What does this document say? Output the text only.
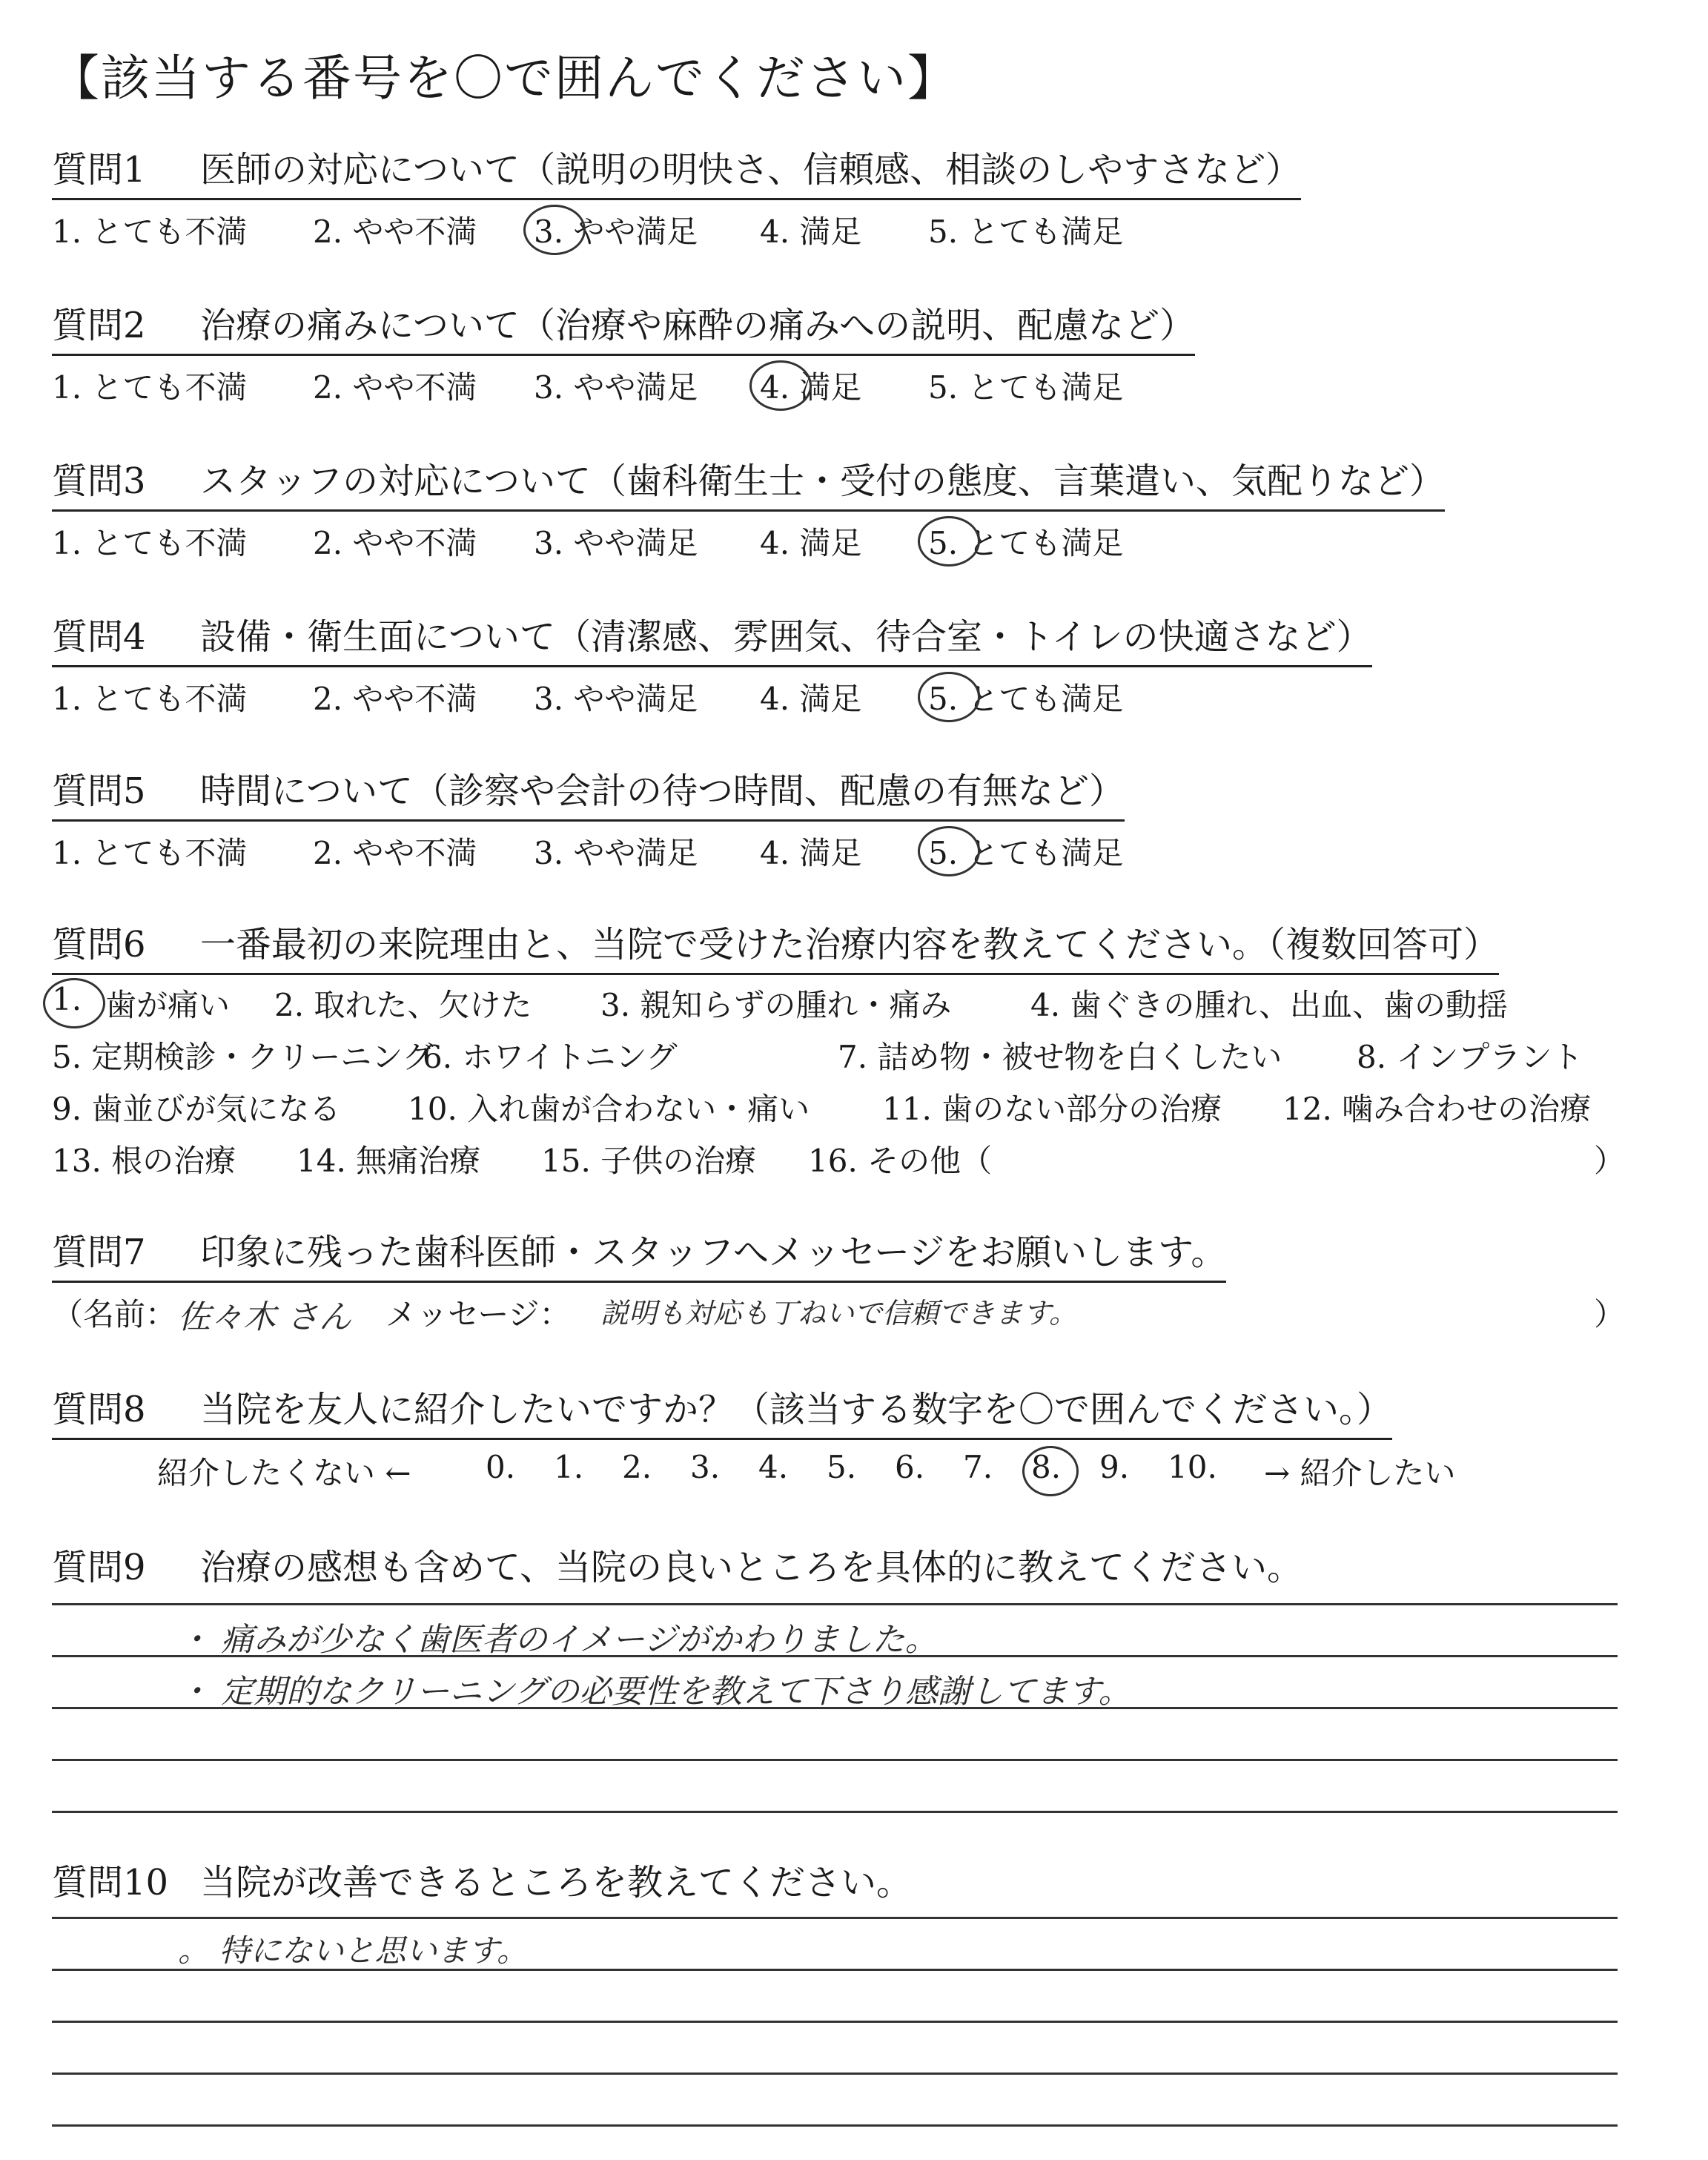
【該当する番号を〇で囲んでください】
質問1 医師の対応について（説明の明快さ、信頼感、相談のしやすさなど）
1. とても不満 2. やや不満 3. やや満足 4. 満足 5. とても満足
質問2 治療の痛みについて（治療や麻酔の痛みへの説明、配慮など）
1. とても不満 2. やや不満 3. やや満足 4. 満足 5. とても満足
質問3 スタッフの対応について（歯科衛生士・受付の態度、言葉遣い、気配りなど）
1. とても不満 2. やや不満 3. やや満足 4. 満足 5. とても満足
質問4 設備・衛生面について（清潔感、雰囲気、待合室・トイレの快適さなど）
1. とても不満 2. やや不満 3. やや満足 4. 満足 5. とても満足
質問5 時間について（診察や会計の待つ時間、配慮の有無など）
1. とても不満 2. やや不満 3. やや満足 4. 満足 5. とても満足
質問6 一番最初の来院理由と、当院で受けた治療内容を教えてください。（複数回答可）
1. 歯が痛い 2. 取れた、欠けた 3. 親知らずの腫れ・痛み	4. 歯ぐきの腫れ、出血、歯の動揺
5. 定期検診・クリーニング
6. ホワイトニング	7. 詰め物・被せ物を白くしたい 8. インプラント
9. 歯並びが気になる 10. 入れ歯が合わない・痛い 11. 歯のない部分の治療 12. 噛み合わせの治療
13. 根の治療 14. 無痛治療 15. 子供の治療 16. その他（	）
質問7 印象に残った歯科医師・スタッフへメッセージをお願いします。
（名前： 佐々木 さん メッセージ： 説明も対応も丁ねいで信頼できます。	）
質問8 当院を友人に紹介したいですか？（該当する数字を〇で囲んでください。）
紹介したくない ← 0. 1. 2. 3. 4. 5. 6. 7. 8. 9. 10. → 紹介したい
質問9 治療の感想も含めて、当院の良いところを具体的に教えてください。
・ 痛みが少なく歯医者のイメージがかわりました。
・ 定期的なクリーニングの必要性を教えて下さり感謝してます。
質問10 当院が改善できるところを教えてください。
。 特にないと思います。
